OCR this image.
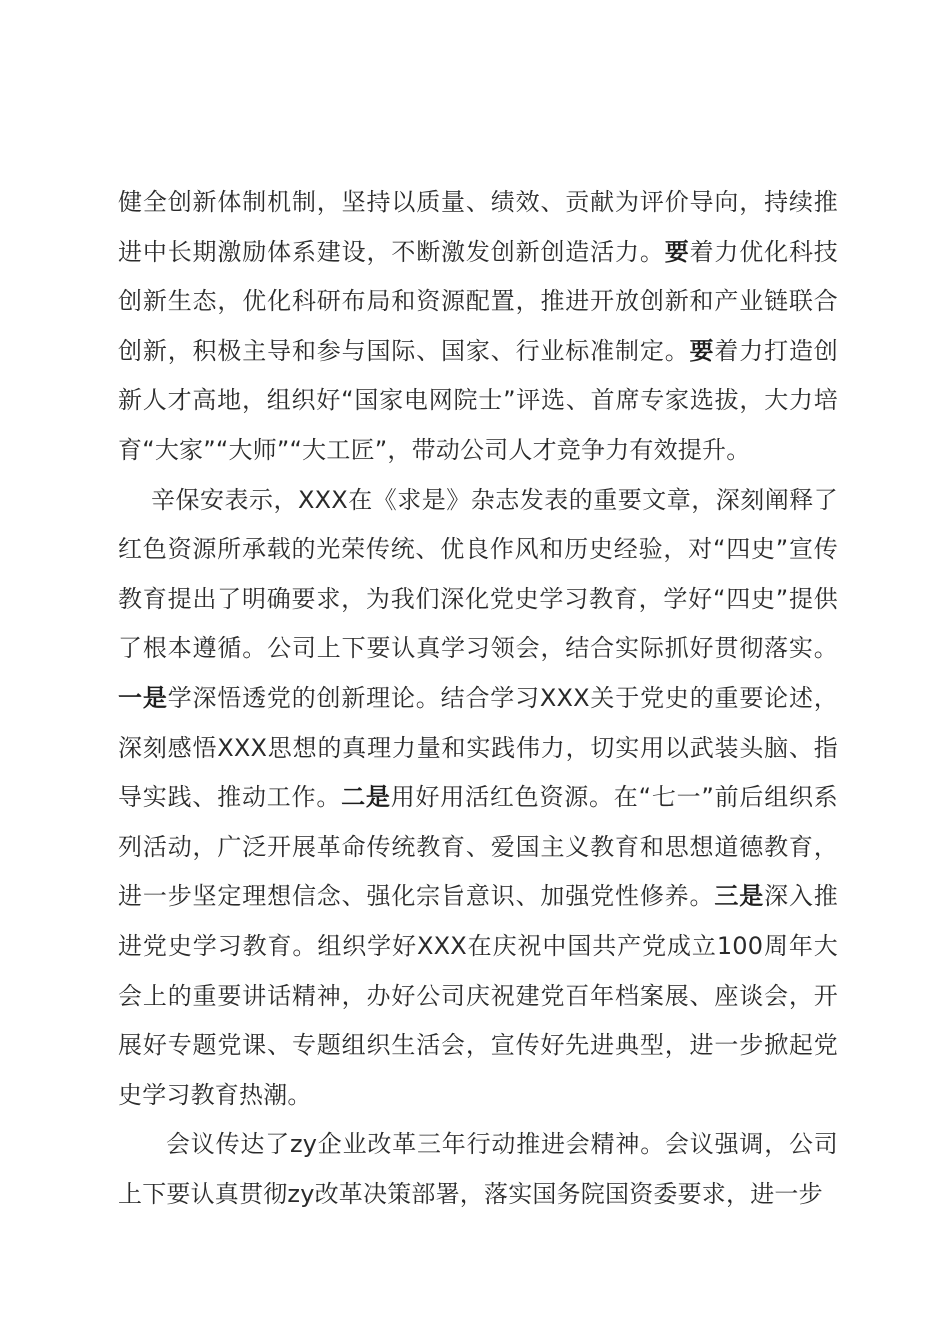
健全创新体制机制，坚持以质量、绩效、贡献为评价导向，持续推进中长期激励体系建设，不断激发创新创造活力。要着力优化科技创新生态，优化科研布局和资源配置，推进开放创新和产业链联合创新，积极主导和参与国际、国家、行业标准制定。要着力打造创新人才高地，组织好“国家电网院士”评选、首席专家选拔，大力培育“大家”“大师”“大工匠”，带动公司人才竞争力有效提升。

辛保安表示，XXX在《求是》杂志发表的重要文章，深刻阐释了红色资源所承载的光荣传统、优良作风和历史经验，对“四史”宣传教育提出了明确要求，为我们深化党史学习教育，学好“四史”提供了根本遵循。公司上下要认真学习领会，结合实际抓好贯彻落实。一是学深悟透党的创新理论。结合学习XXX关于党史的重要论述，深刻感悟XXX思想的真理力量和实践伟力，切实用以武装头脑、指导实践、推动工作。二是用好用活红色资源。在“七一”前后组织系列活动，广泛开展革命传统教育、爱国主义教育和思想道德教育，进一步坚定理想信念、强化宗旨意识、加强党性修养。三是深入推进党史学习教育。组织学好XXX在庆祝中国共产党成立100周年大会上的重要讲话精神，办好公司庆祝建党百年档案展、座谈会，开展好专题党课、专题组织生活会，宣传好先进典型，进一步掀起党史学习教育热潮。

会议传达了zy企业改革三年行动推进会精神。会议强调，公司上下要认真贯彻zy改革决策部署，落实国务院国资委要求，进一步
